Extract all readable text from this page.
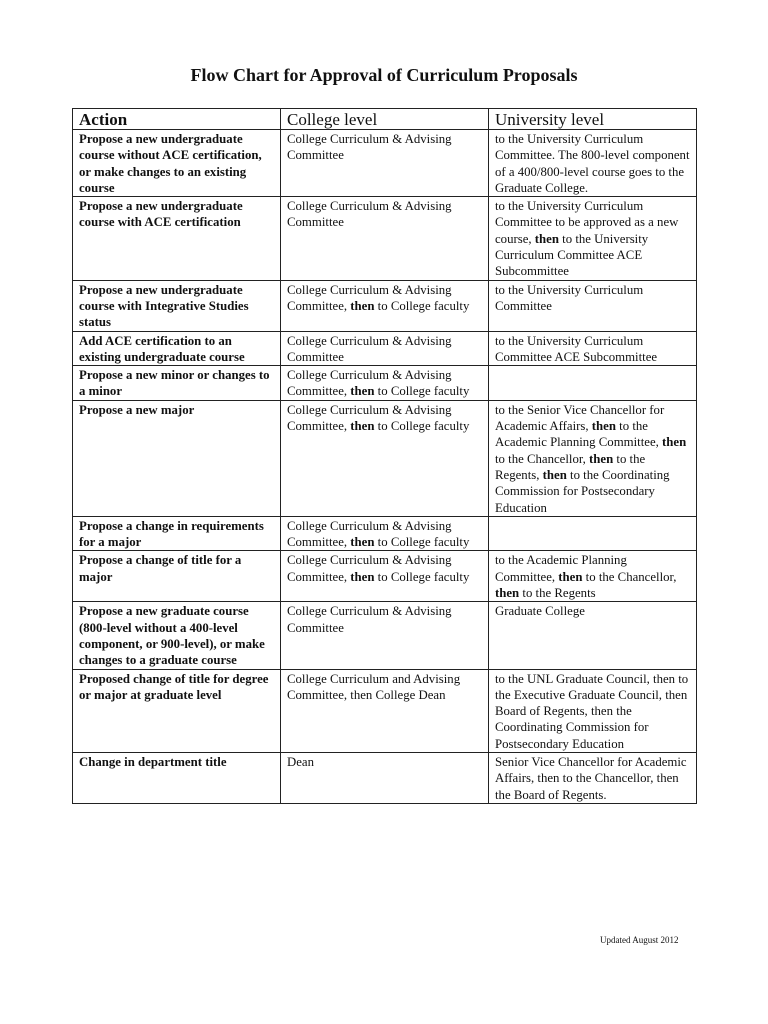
Flow Chart for Approval of Curriculum Proposals
Action	College level	University level
Propose a new undergraduate course without ACE certification, or make changes to an existing course	College Curriculum & Advising Committee	to the University Curriculum Committee. The 800-level component of a 400/800-level course goes to the Graduate College.
Propose a new undergraduate course with ACE certification	College Curriculum & Advising Committee	to the University Curriculum Committee to be approved as a new course, then to the University Curriculum Committee ACE Subcommittee
Propose a new undergraduate course with Integrative Studies status	College Curriculum & Advising Committee, then to College faculty	to the University Curriculum Committee
Add ACE certification to an existing undergraduate course	College Curriculum & Advising Committee	to the University Curriculum Committee ACE Subcommittee
Propose a new minor or changes to a minor	College Curriculum & Advising Committee, then to College faculty	
Propose a new major	College Curriculum & Advising Committee, then to College faculty	to the Senior Vice Chancellor for Academic Affairs, then to the Academic Planning Committee, then to the Chancellor, then to the Regents, then to the Coordinating Commission for Postsecondary Education
Propose a change in requirements for a major	College Curriculum & Advising Committee, then to College faculty	
Propose a change of title for a major	College Curriculum & Advising Committee, then to College faculty	to the Academic Planning Committee, then to the Chancellor, then to the Regents
Propose a new graduate course (800-level without a 400-level component, or 900-level), or make changes to a graduate course	College Curriculum & Advising Committee	Graduate College
Proposed change of title for degree or major at graduate level	College Curriculum and Advising Committee, then College Dean	to the UNL Graduate Council, then to the Executive Graduate Council, then Board of Regents, then the Coordinating Commission for Postsecondary Education
Change in department title	Dean	Senior Vice Chancellor for Academic Affairs, then to the Chancellor, then the Board of Regents.

Updated August 2012
